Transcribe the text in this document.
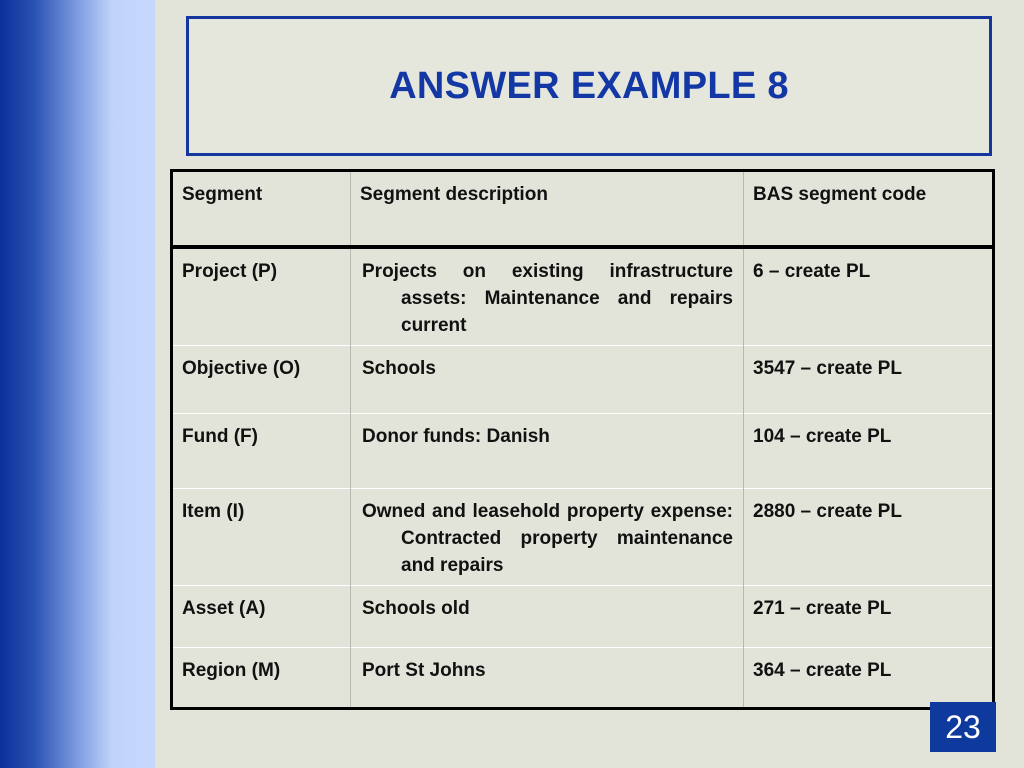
ANSWER EXAMPLE 8
Segment	Segment description	BAS segment code
Project (P)	Projects on existing infrastructure assets: Maintenance and repairs current	6 – create PL
Objective (O)	Schools	3547 – create PL
Fund (F)	Donor funds: Danish	104 – create PL
Item (I)	Owned and leasehold property expense: Contracted property maintenance and repairs	2880 – create PL
Asset (A)	Schools old	271 – create PL
Region (M)	Port St Johns	364 – create PL
23
